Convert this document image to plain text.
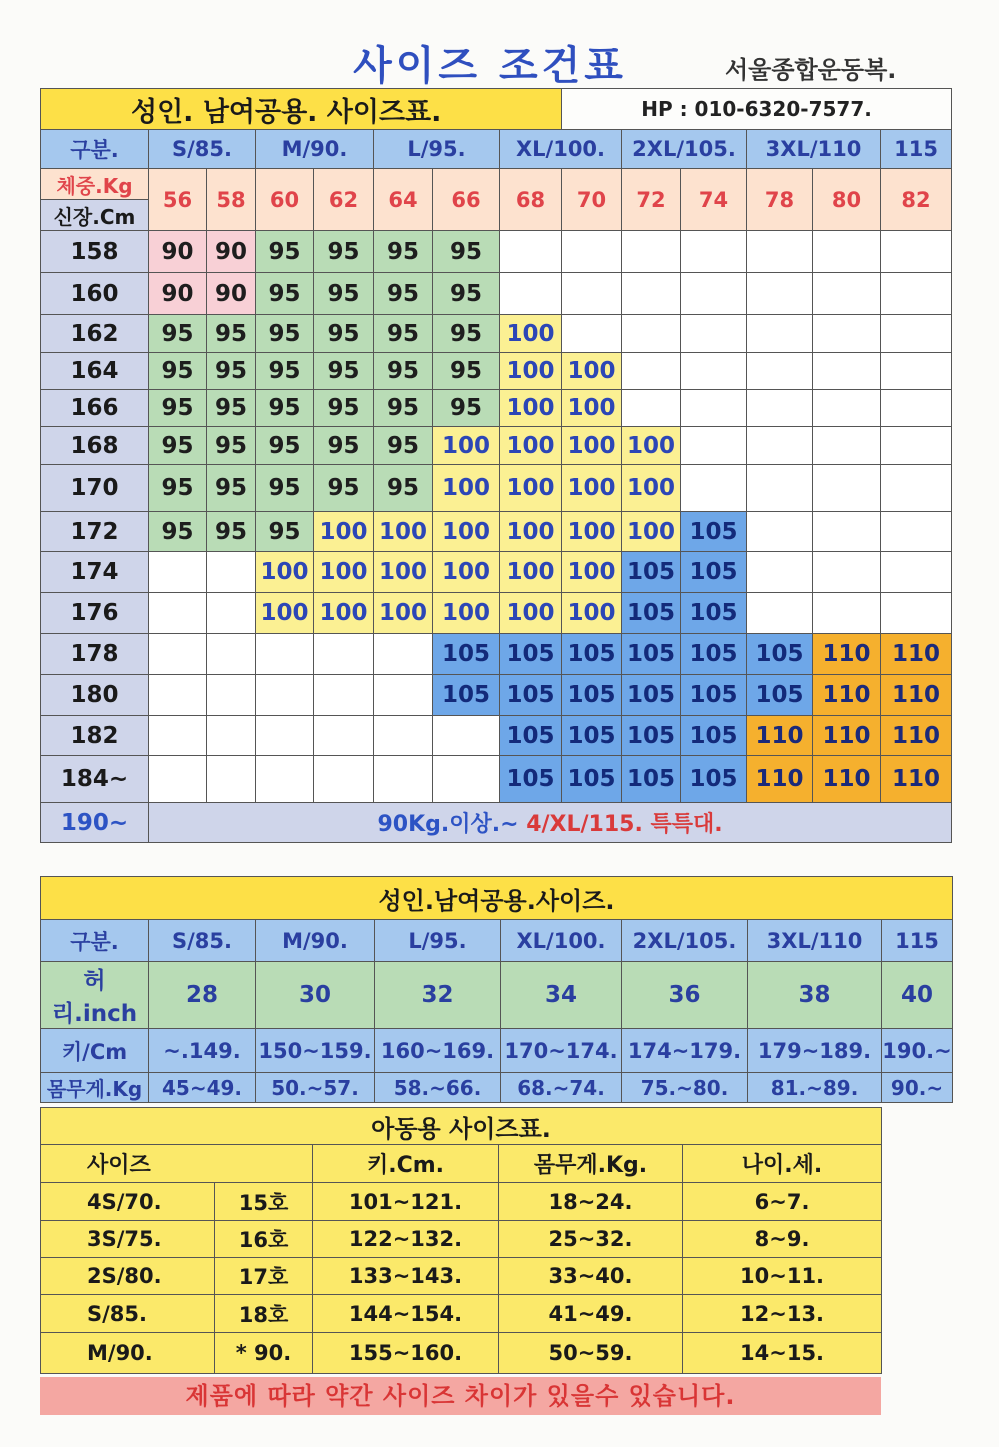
사이즈 조건표	서울종합운동복.
성인. 남여공용. 사이즈표.								HP : 010-6320-7577.					
구분.	S/85.		M/90.		L/95.		XL/100.		2XL/105.		3XL/110		115
체중.Kg	56	58	60	62	64	66	68	70	72	74	78	80	82
신장.Cm													
158	90	90	95	95	95	95							
160	90	90	95	95	95	95							
162	95	95	95	95	95	95	100						
164	95	95	95	95	95	95	100	100					
166	95	95	95	95	95	95	100	100					
168	95	95	95	95	95	100	100	100	100				
170	95	95	95	95	95	100	100	100	100				
172	95	95	95	100	100	100	100	100	100	105			
174			100	100	100	100	100	100	105	105			
176			100	100	100	100	100	100	105	105			
178						105	105	105	105	105	105	110	110
180						105	105	105	105	105	105	110	110
182							105	105	105	105	110	110	110
184~							105	105	105	105	110	110	110
190~	90Kg.이상.~ 4/XL/115. 특특대.												
성인.남여공용.사이즈.							
구분.	S/85.	M/90.	L/95.	XL/100.	2XL/105.	3XL/110	115
허리.inch	28	30	32	34	36	38	40
키/Cm	~.149.	150~159.	160~169.	170~174.	174~179.	179~189.	190.~
몸무게.Kg	45~49.	50.~57.	58.~66.	68.~74.	75.~80.	81.~89.	90.~
아동용 사이즈표.				
사이즈		키.Cm.	몸무게.Kg.	나이.세.
4S/70.	15호	101~121.	18~24.	6~7.
3S/75.	16호	122~132.	25~32.	8~9.
2S/80.	17호	133~143.	33~40.	10~11.
S/85.	18호	144~154.	41~49.	12~13.
M/90.	* 90.	155~160.	50~59.	14~15.
제품에 따라 약간 사이즈 차이가 있을수 있습니다.
